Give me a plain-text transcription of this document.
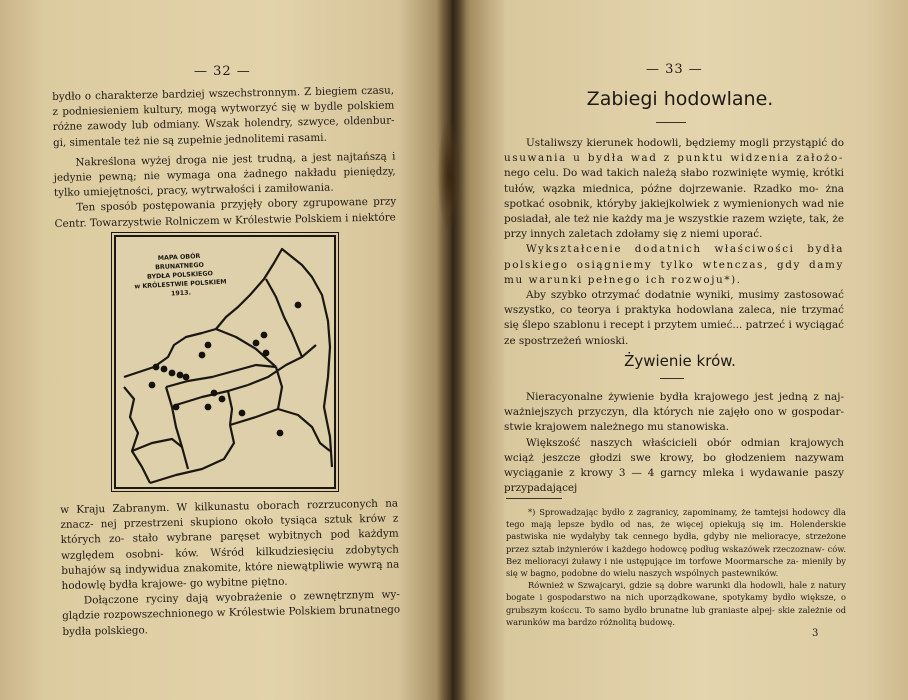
— 32 —

bydło o charakterze bardziej wszechstronnym. Z biegiem czasu, z podniesieniem kultury, mogą wytworzyć się w bydle polskiem różne zawody lub odmiany. Wszak holendry, szwyce, oldenbur- gi, simentale też nie są zupełnie jednolitemi rasami.

Nakreślona wyżej droga nie jest trudną, a jest najtańszą i jedynie pewną; nie wymaga ona żadnego nakładu pieniędzy, tylko umiejętności, pracy, wytrwałości i zamiłowania.

Ten sposób postępowania przyjęły obory zgrupowane przy Centr. Towarzystwie Rolniczem w Królestwie Polskiem i niektóre

MAPA OBÓR
BRUNATNEGO
BYDŁA POLSKIEGO
w KRÓLESTWIE POLSKIEM
1913.

w Kraju Zabranym. W kilkunastu oborach rozrzuconych na znacz- nej przestrzeni skupiono około tysiąca sztuk krów z których zo- stało wybrane paręset wybitnych pod każdym względem osobni- ków. Wśród kilkudziesięciu zdobytych buhajów są indywidua znakomite, które niewątpliwie wywrą na hodowlę bydła krajowe- go wybitne piętno.

Dołączone ryciny dają wyobrażenie o zewnętrznym wy- glądzie rozpowszechnionego w Królestwie Polskiem brunatnego bydła polskiego.

— 33 —
Zabiegi hodowlane.

Ustaliwszy kierunek hodowli, będziemy mogli przystąpić do usuwania u bydła wad z punktu widzenia założo- nego celu. Do wad takich należą słabo rozwinięte wymię, krótki tułów, wązka miednica, późne dojrzewanie. Rzadko mo- żna spotkać osobnik, któryby jakiejkolwiek z wymienionych wad nie posiadał, ale też nie każdy ma je wszystkie razem wzięte, tak, że przy innych zaletach zdołamy się z niemi uporać.

Wykształcenie dodatnich właściwości bydła polskiego osiągniemy tylko wtenczas, gdy damy mu warunki pełnego ich rozwoju*).

Aby szybko otrzymać dodatnie wyniki, musimy zastosować wszystko, co teorya i praktyka hodowlana zaleca, nie trzymać się ślepo szablonu i recept i przytem umieć... patrzeć i wyciągać ze spostrzeżeń wnioski.

Żywienie krów.

Nieracyonalne żywienie bydła krajowego jest jedną z naj- ważniejszych przyczyn, dla których nie zajęło ono w gospodar- stwie krajowem należnego mu stanowiska.

Większość naszych właścicieli obór odmian krajowych wciąż jeszcze głodzi swe krowy, bo głodzeniem nazywam wyciąganie z krowy 3 — 4 garncy mleka i wydawanie paszy przypadającej

*) Sprowadzając bydło z zagranicy, zapominamy, że tamtejsi hodowcy dla tego mają lepsze bydło od nas, że więcej opiekują się im. Holenderskie pastwiska nie wydałyby tak cennego bydła, gdyby nie melioracye, strzeżone przez sztab inżynierów i każdego hodowcę podług wskazówek rzeczoznaw- ców. Bez melioracyi żuławy i nie ustępujące im torfowe Moormarsche za- mieniły by się w bagno, podobne do wielu naszych wspólnych pastewników.

Również w Szwajcaryi, gdzie są dobre warunki dla hodowli, hale z natury bogate i gospodarstwo na nich uporządkowane, spotykamy bydło większe, o grubszym kośccu. To samo bydło brunatne lub graniaste alpej- skie zależnie od warunków ma bardzo różnolitą budowę.

3
